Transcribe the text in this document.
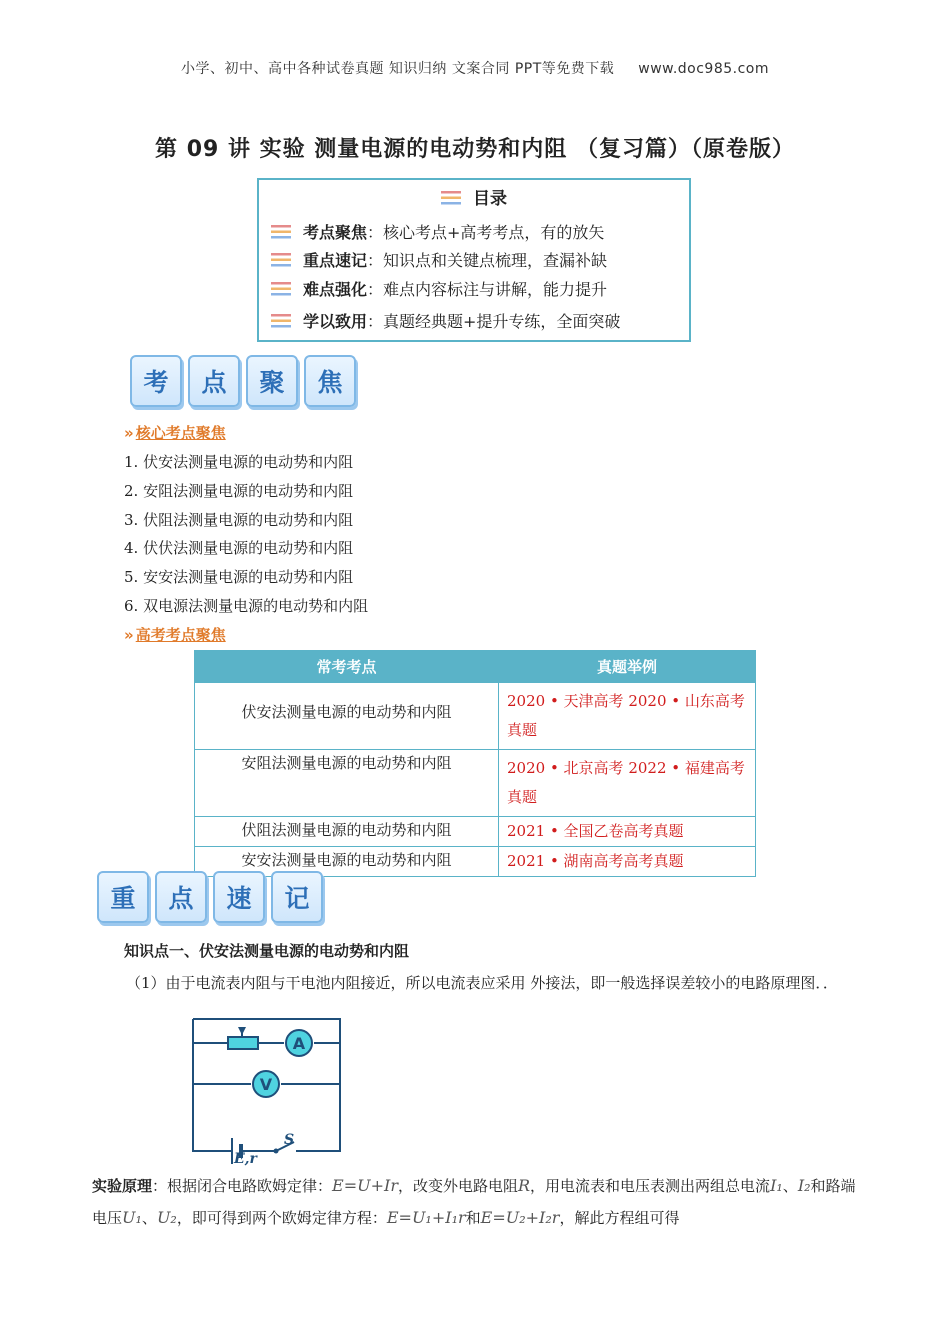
小学、初中、高中各种试卷真题 知识归纳 文案合同 PPT等免费下载 www.doc985.com
第 09 讲 实验 测量电源的电动势和内阻 （复习篇）（原卷版）
目录
考点聚焦：核心考点+高考考点，有的放矢
重点速记：知识点和关键点梳理，查漏补缺
难点强化：难点内容标注与讲解，能力提升
学以致用：真题经典题+提升专练，全面突破
考	点	聚	焦
» 核心考点聚焦
1. 伏安法测量电源的电动势和内阻
2. 安阻法测量电源的电动势和内阻
3. 伏阻法测量电源的电动势和内阻
4. 伏伏法测量电源的电动势和内阻
5. 安安法测量电源的电动势和内阻
6. 双电源法测量电源的电动势和内阻
» 高考考点聚焦
常考考点	真题举例
伏安法测量电源的电动势和内阻	2020 • 天津高考 2020 • 山东高考真题
安阻法测量电源的电动势和内阻	2020 • 北京高考 2022 • 福建高考真题
伏阻法测量电源的电动势和内阻	2021 • 全国乙卷高考真题
安安法测量电源的电动势和内阻	2021 • 湖南高考高考真题
重	点	速	记
知识点一、伏安法测量电源的电动势和内阻
（1）由于电流表内阻与干电池内阻接近，所以电流表应采用 外接法，即一般选择误差较小的电路原理图．．
A
V
E,r
S
实验原理：根据闭合电路欧姆定律：E=U+Ir，改变外电路电阻R，用电流表和电压表测出两组总电流I₁、I₂和路端电压U₁、U₂，即可得到两个欧姆定律方程：E=U₁+I₁r和E=U₂+I₂r，解此方程组可得
